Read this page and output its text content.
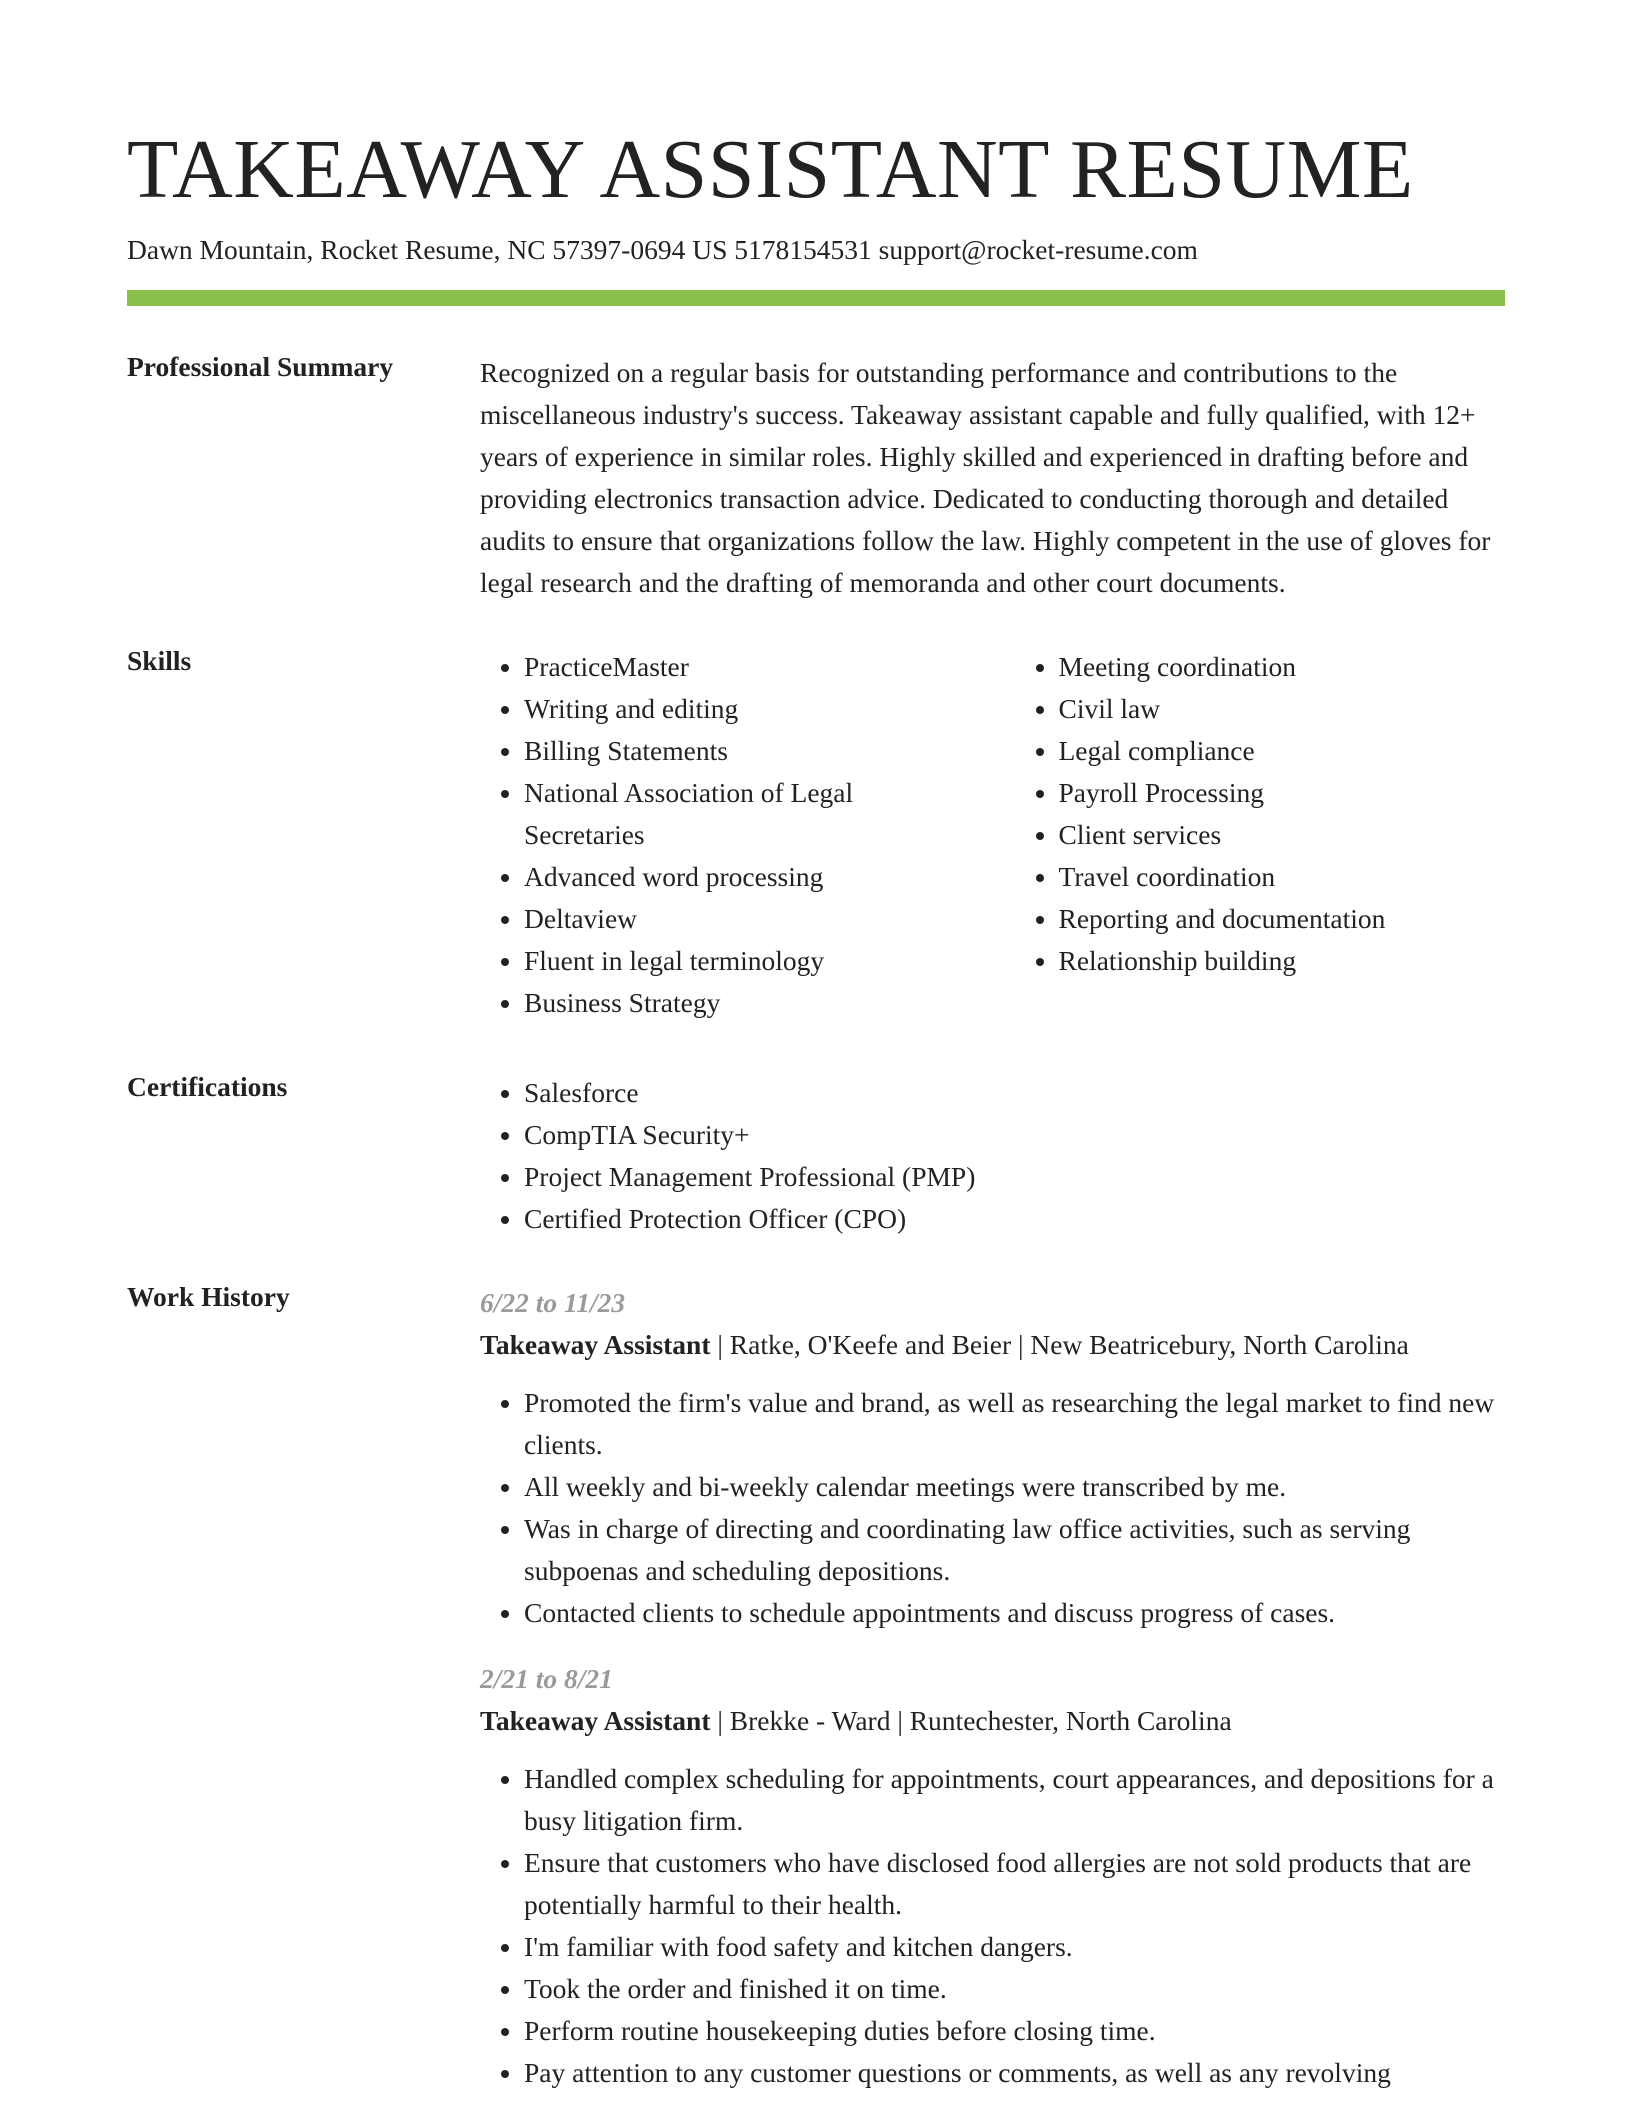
TAKEAWAY ASSISTANT RESUME
Dawn Mountain, Rocket Resume, NC 57397-0694 US 5178154531 support@rocket-resume.com
Professional Summary	Recognized on a regular basis for outstanding performance and contributions to the miscellaneous industry's success. Takeaway assistant capable and fully qualified, with 12+ years of experience in similar roles. Highly skilled and experienced in drafting before and providing electronics transaction advice. Dedicated to conducting thorough and detailed audits to ensure that organizations follow the law. Highly competent in the use of gloves for legal research and the drafting of memoranda and other court documents.
Skills	• PracticeMaster
• Writing and editing
• Billing Statements
• National Association of Legal Secretaries
• Advanced word processing
• Deltaview
• Fluent in legal terminology
• Business Strategy
• Meeting coordination
• Civil law
• Legal compliance
• Payroll Processing
• Client services
• Travel coordination
• Reporting and documentation
• Relationship building
Certifications	• Salesforce
• CompTIA Security+
• Project Management Professional (PMP)
• Certified Protection Officer (CPO)
Work History	6/22 to 11/23
Takeaway Assistant | Ratke, O'Keefe and Beier | New Beatricebury, North Carolina
• Promoted the firm's value and brand, as well as researching the legal market to find new clients.
• All weekly and bi-weekly calendar meetings were transcribed by me.
• Was in charge of directing and coordinating law office activities, such as serving subpoenas and scheduling depositions.
• Contacted clients to schedule appointments and discuss progress of cases.
2/21 to 8/21
Takeaway Assistant | Brekke - Ward | Runtechester, North Carolina
• Handled complex scheduling for appointments, court appearances, and depositions for a busy litigation firm.
• Ensure that customers who have disclosed food allergies are not sold products that are potentially harmful to their health.
• I'm familiar with food safety and kitchen dangers.
• Took the order and finished it on time.
• Perform routine housekeeping duties before closing time.
• Pay attention to any customer questions or comments, as well as any revolving
